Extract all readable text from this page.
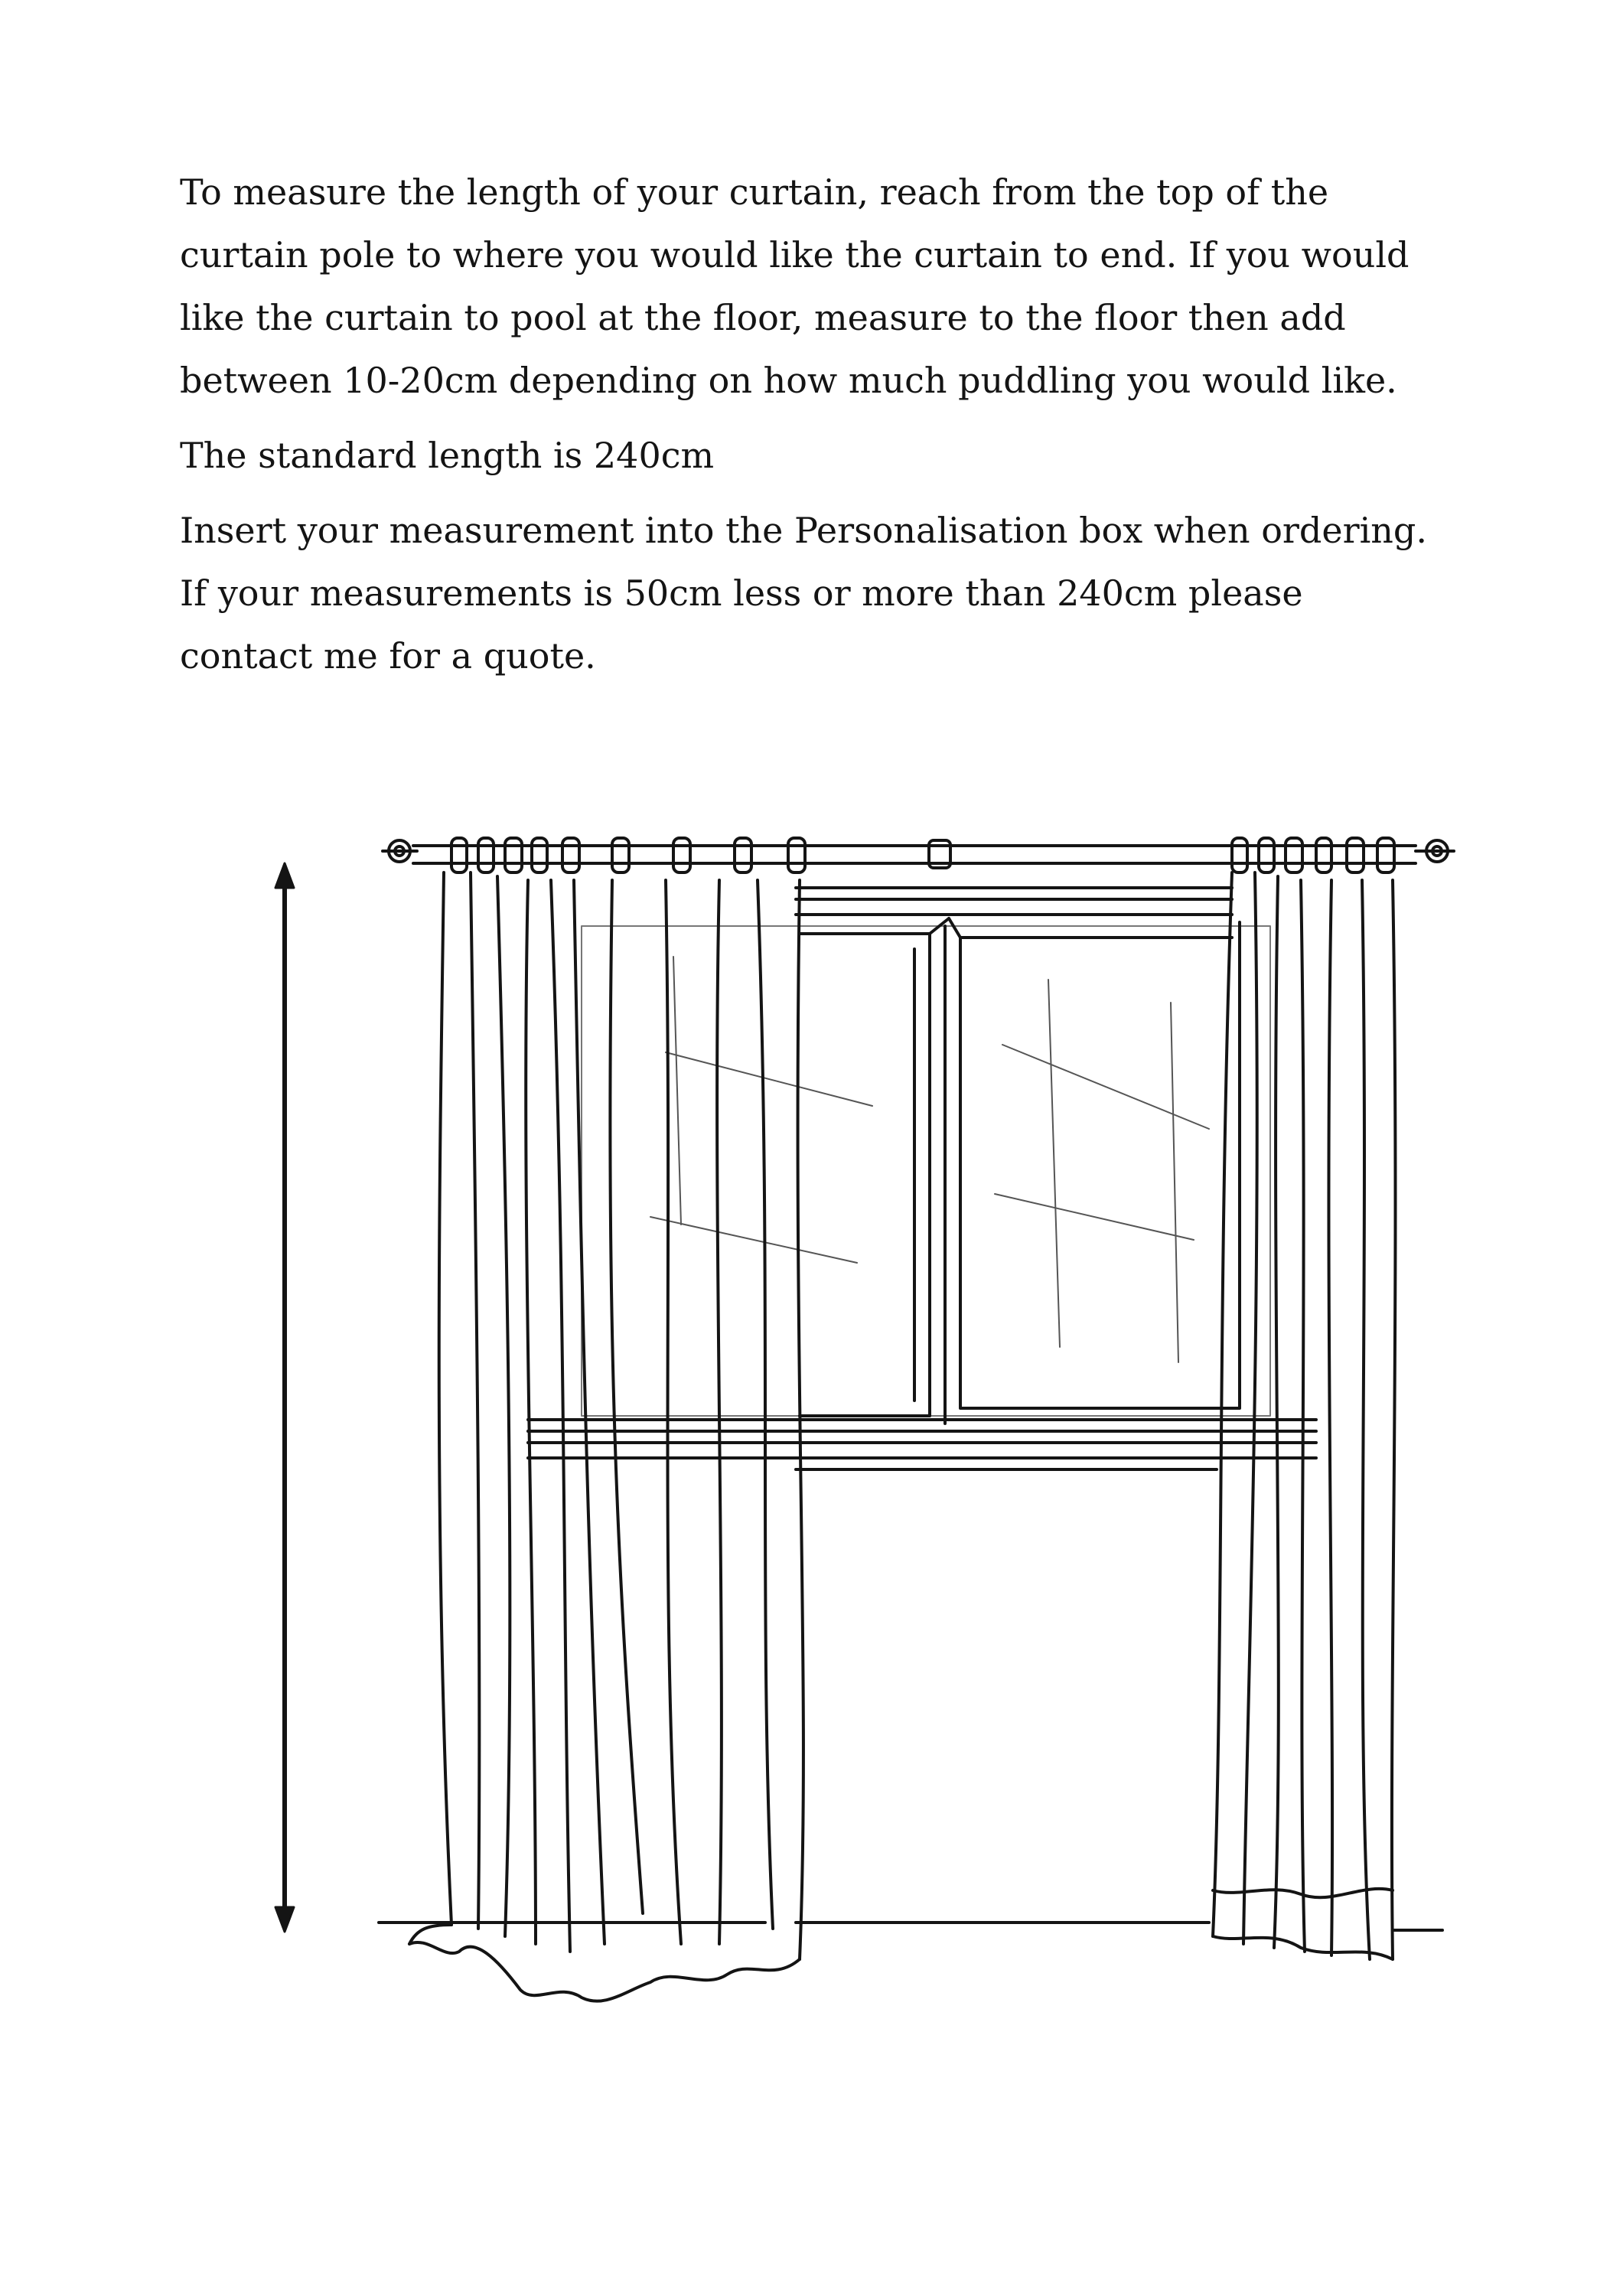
To measure the length of your curtain, reach from the top of the curtain pole to where you would like the curtain to end. If you would like the curtain to pool at the floor, measure to the floor then add between 10-20cm depending on how much puddling you would like.

The standard length is 240cm

Insert your measurement into the Personalisation box when ordering. If your measurements is 50cm less or more than 240cm please contact me for a quote.
